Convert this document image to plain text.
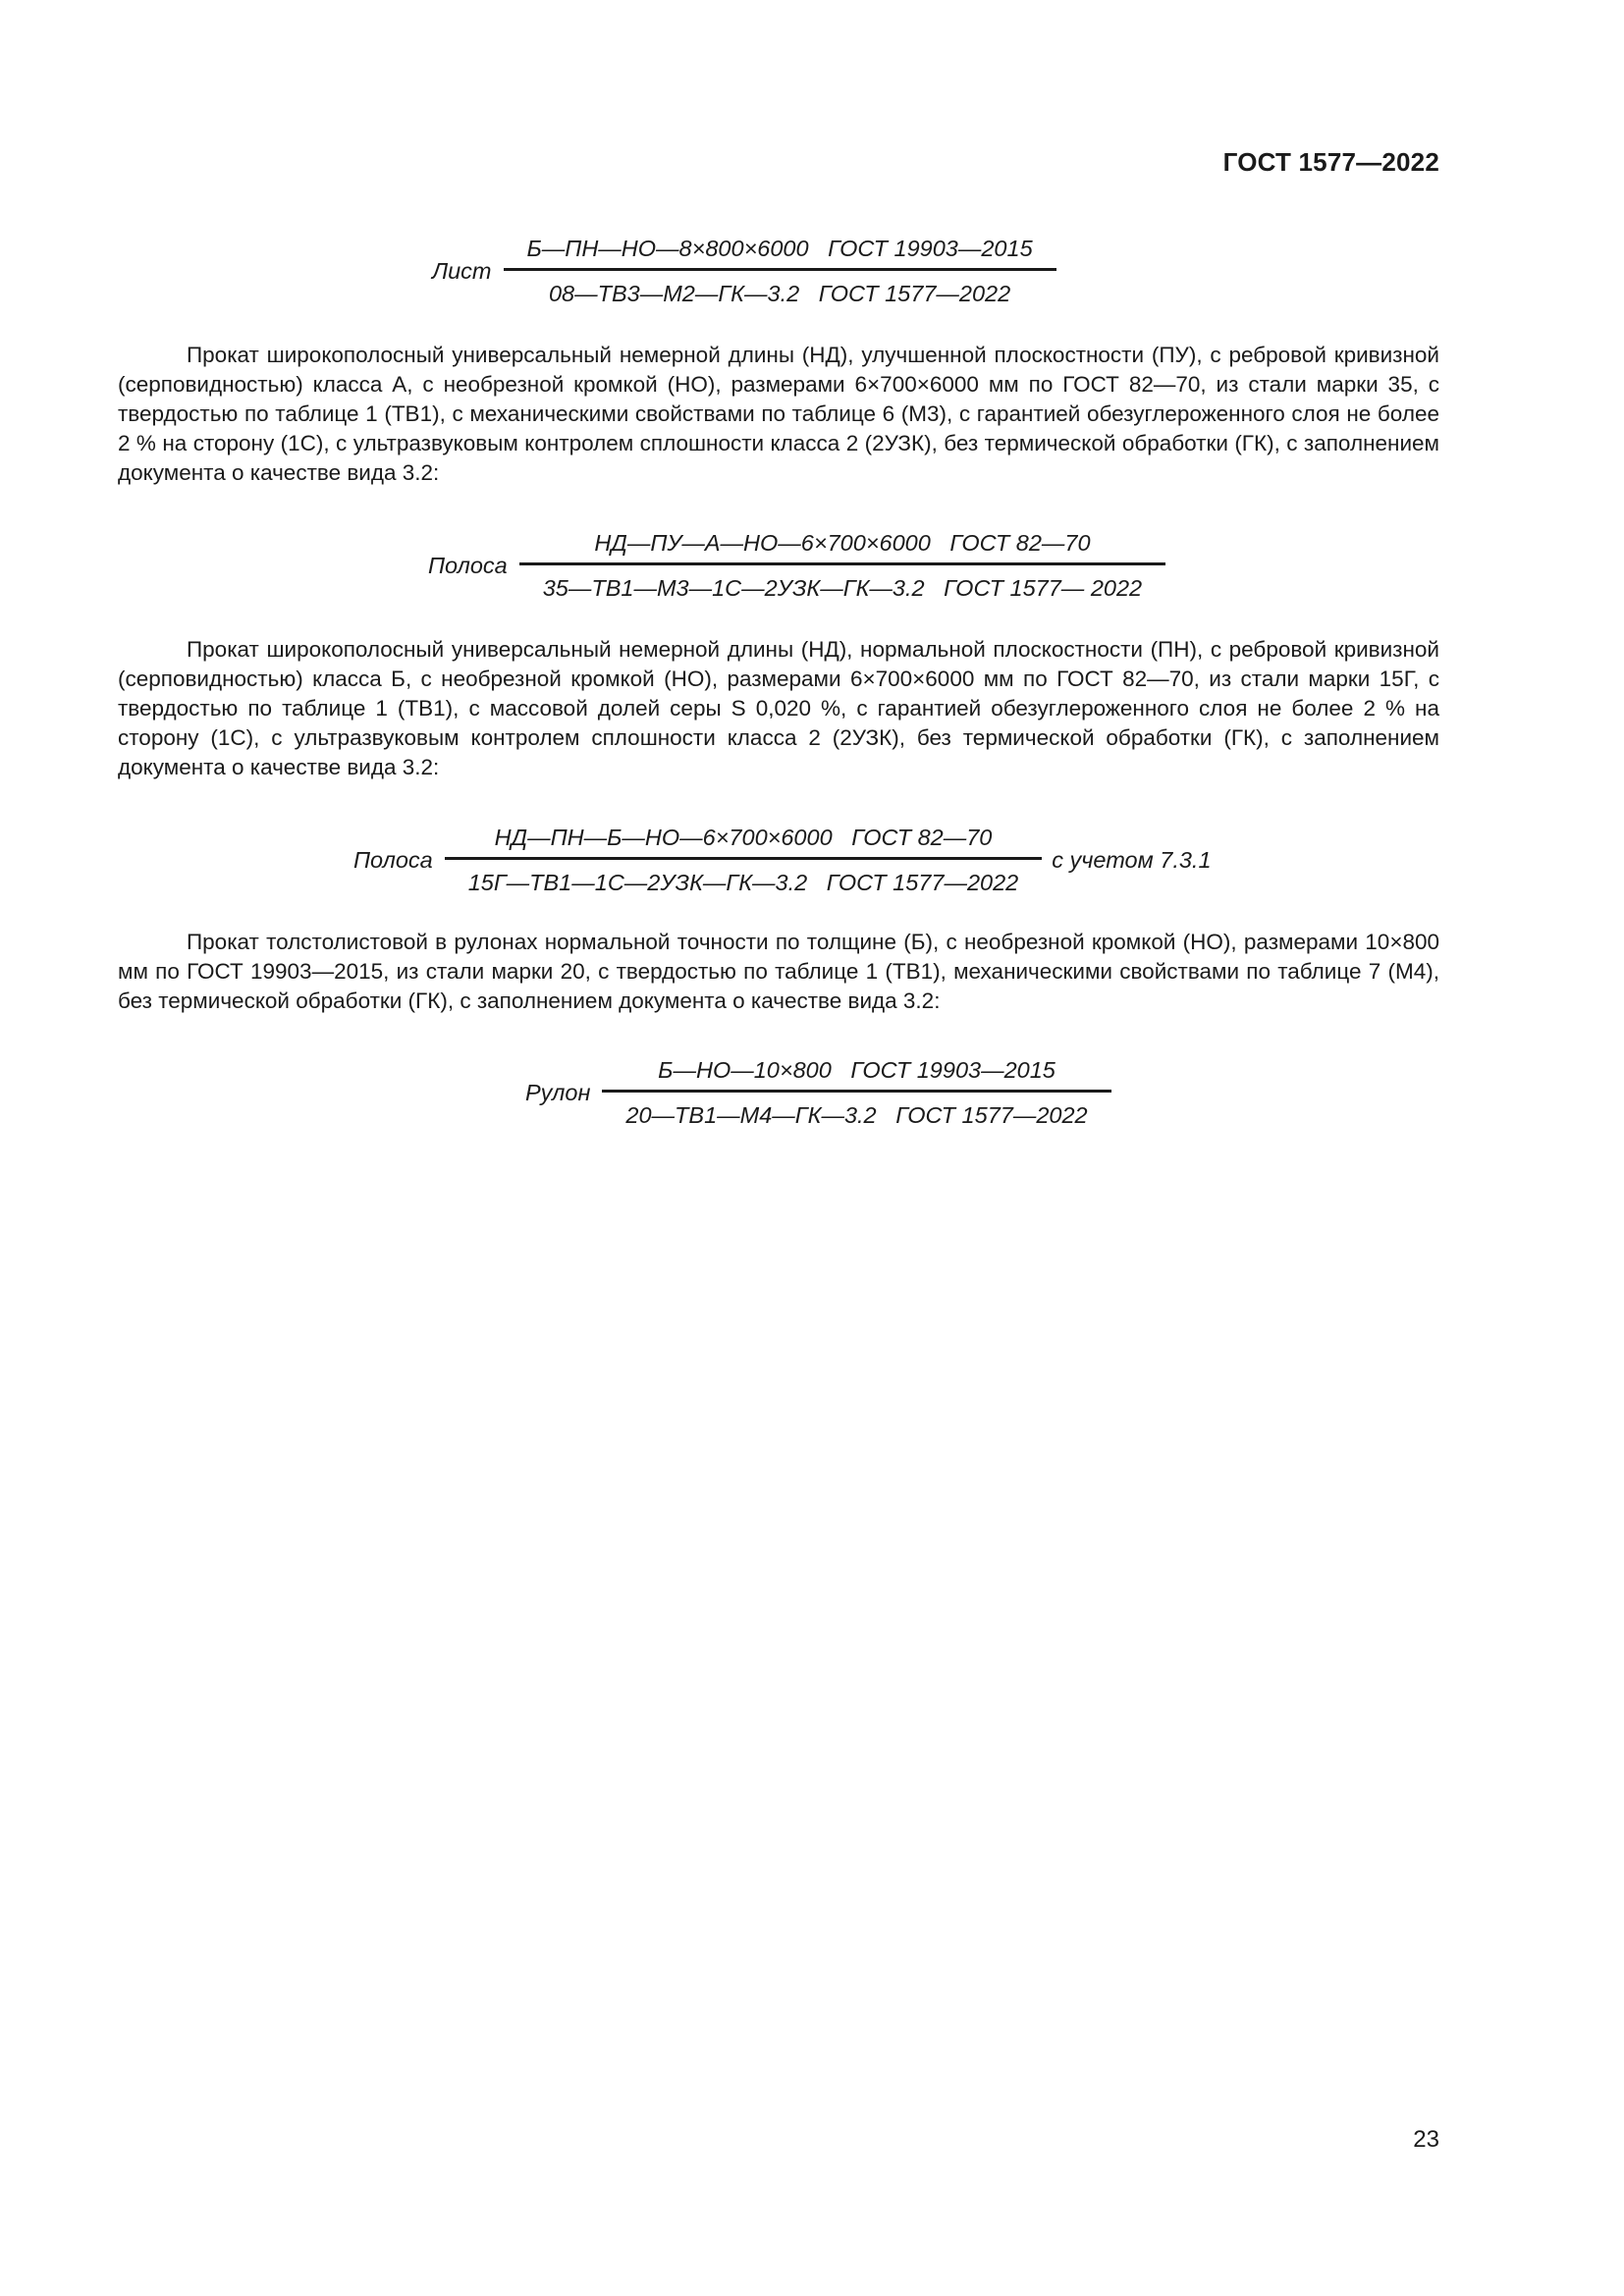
ГОСТ 1577—2022
Лист $\frac{\text{Б—ПН—НО—8×800×6000   ГОСТ 19903—2015}}{\text{08—ТВ3—М2—ГК—3.2   ГОСТ 1577—2022}}$

Прокат широкополосный универсальный немерной длины (НД), улучшенной плоскостности (ПУ), с ребровой кривизной (серповидностью) класса А, с необрезной кромкой (НО), размерами 6×700×6000 мм по ГОСТ 82—70, из стали марки 35, с твердостью по таблице 1 (ТВ1), с механическими свойствами по таблице 6 (М3), с гарантией обезуглероженного слоя не более 2 % на сторону (1С), с ультразвуковым контролем сплошности класса 2 (2УЗК), без термической обработки (ГК), с заполнением документа о качестве вида 3.2:

Полоса $\frac{\text{НД—ПУ—А—НО—6×700×6000   ГОСТ 82—70}}{\text{35—ТВ1—М3—1С—2УЗК—ГК—3.2   ГОСТ 1577— 2022}}$

Прокат широкополосный универсальный немерной длины (НД), нормальной плоскостности (ПН), с ребровой кривизной (серповидностью) класса Б, с необрезной кромкой (НО), размерами 6×700×6000 мм по ГОСТ 82—70, из стали марки 15Г, с твердостью по таблице 1 (ТВ1), с массовой долей серы S 0,020 %, с гарантией обезуглероженного слоя не более 2 % на сторону (1С), с ультразвуковым контролем сплошности класса 2 (2УЗК), без термической обработки (ГК), с заполнением документа о качестве вида 3.2:

Полоса $\frac{\text{НД—ПН—Б—НО—6×700×6000   ГОСТ 82—70}}{\text{15Г—ТВ1—1С—2УЗК—ГК—3.2   ГОСТ 1577—2022}}$ с учетом 7.3.1

Прокат толстолистовой в рулонах нормальной точности по толщине (Б), с необрезной кромкой (НО), размерами 10×800 мм по ГОСТ 19903—2015, из стали марки 20, с твердостью по таблице 1 (ТВ1), механическими свойствами по таблице 7 (М4), без термической обработки (ГК), с заполнением документа о качестве вида 3.2:

Рулон $\frac{\text{Б—НО—10×800   ГОСТ 19903—2015}}{\text{20—ТВ1—М4—ГК—3.2   ГОСТ 1577—2022}}$
23
